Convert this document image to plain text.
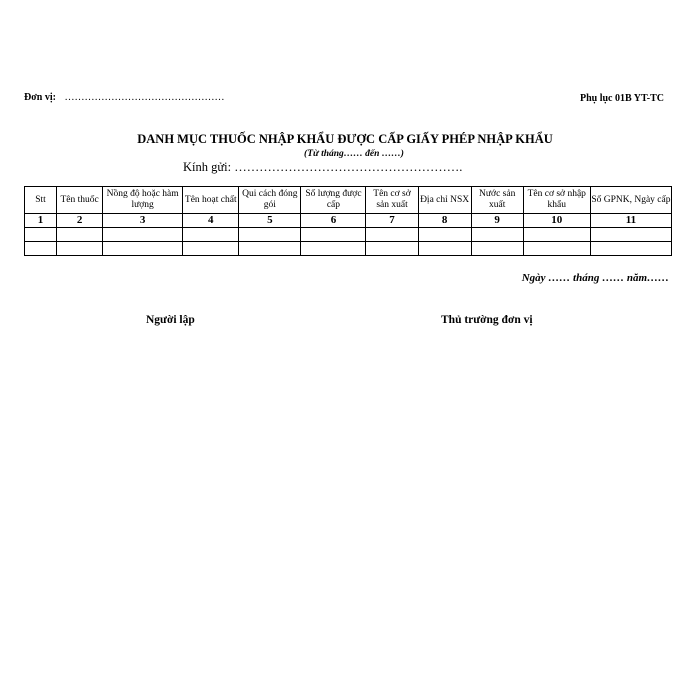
Đơn vị: …………………………………………	Phụ lục 01B YT-TC
DANH MỤC THUỐC NHẬP KHẨU ĐƯỢC CẤP GIẤY PHÉP NHẬP KHẨU
(Từ tháng…… đến ……)
Kính gửi: ……………………………………………….
Stt	Tên thuốc	Nồng độ hoặc hàm lượng	Tên hoạt chất	Qui cách đóng gói	Số lượng được cấp	Tên cơ sở sản xuất	Địa chỉ NSX	Nước sản xuất	Tên cơ sở nhập khẩu	Số GPNK, Ngày cấp
1	2	3	4	5	6	7	8	9	10	11

Ngày …… tháng …… năm……
Người lập	Thủ trường đơn vị
